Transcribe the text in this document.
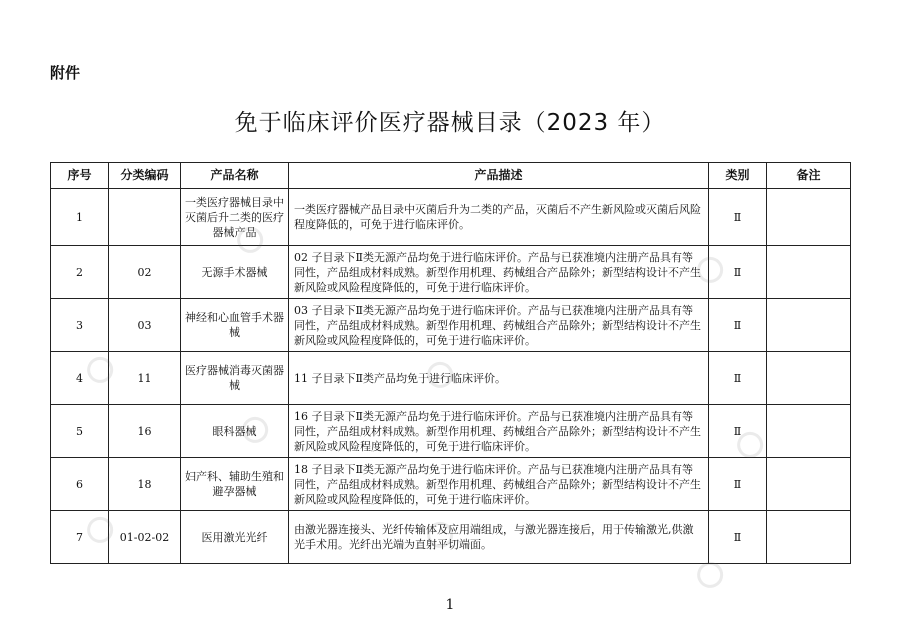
附件
免于临床评价医疗器械目录（2023 年）
序号	分类编码	产品名称	产品描述	类别	备注
1		一类医疗器械目录中灭菌后升二类的医疗器械产品	一类医疗器械产品目录中灭菌后升为二类的产品，灭菌后不产生新风险或灭菌后风险程度降低的，可免于进行临床评价。	Ⅱ	
2	02	无源手术器械	02 子目录下Ⅱ类无源产品均免于进行临床评价。产品与已获准境内注册产品具有等同性，产品组成材料成熟。新型作用机理、药械组合产品除外；新型结构设计不产生新风险或风险程度降低的，可免于进行临床评价。	Ⅱ	
3	03	神经和心血管手术器械	03 子目录下Ⅱ类无源产品均免于进行临床评价。产品与已获准境内注册产品具有等同性，产品组成材料成熟。新型作用机理、药械组合产品除外；新型结构设计不产生新风险或风险程度降低的，可免于进行临床评价。	Ⅱ	
4	11	医疗器械消毒灭菌器械	11 子目录下Ⅱ类产品均免于进行临床评价。	Ⅱ	
5	16	眼科器械	16 子目录下Ⅱ类无源产品均免于进行临床评价。产品与已获准境内注册产品具有等同性，产品组成材料成熟。新型作用机理、药械组合产品除外；新型结构设计不产生新风险或风险程度降低的，可免于进行临床评价。	Ⅱ	
6	18	妇产科、辅助生殖和避孕器械	18 子目录下Ⅱ类无源产品均免于进行临床评价。产品与已获准境内注册产品具有等同性，产品组成材料成熟。新型作用机理、药械组合产品除外；新型结构设计不产生新风险或风险程度降低的，可免于进行临床评价。	Ⅱ	
7	01-02-02	医用激光光纤	由激光器连接头、光纤传输体及应用端组成，与激光器连接后，用于传输激光,供激光手术用。光纤出光端为直射平切端面。	Ⅱ	
1
